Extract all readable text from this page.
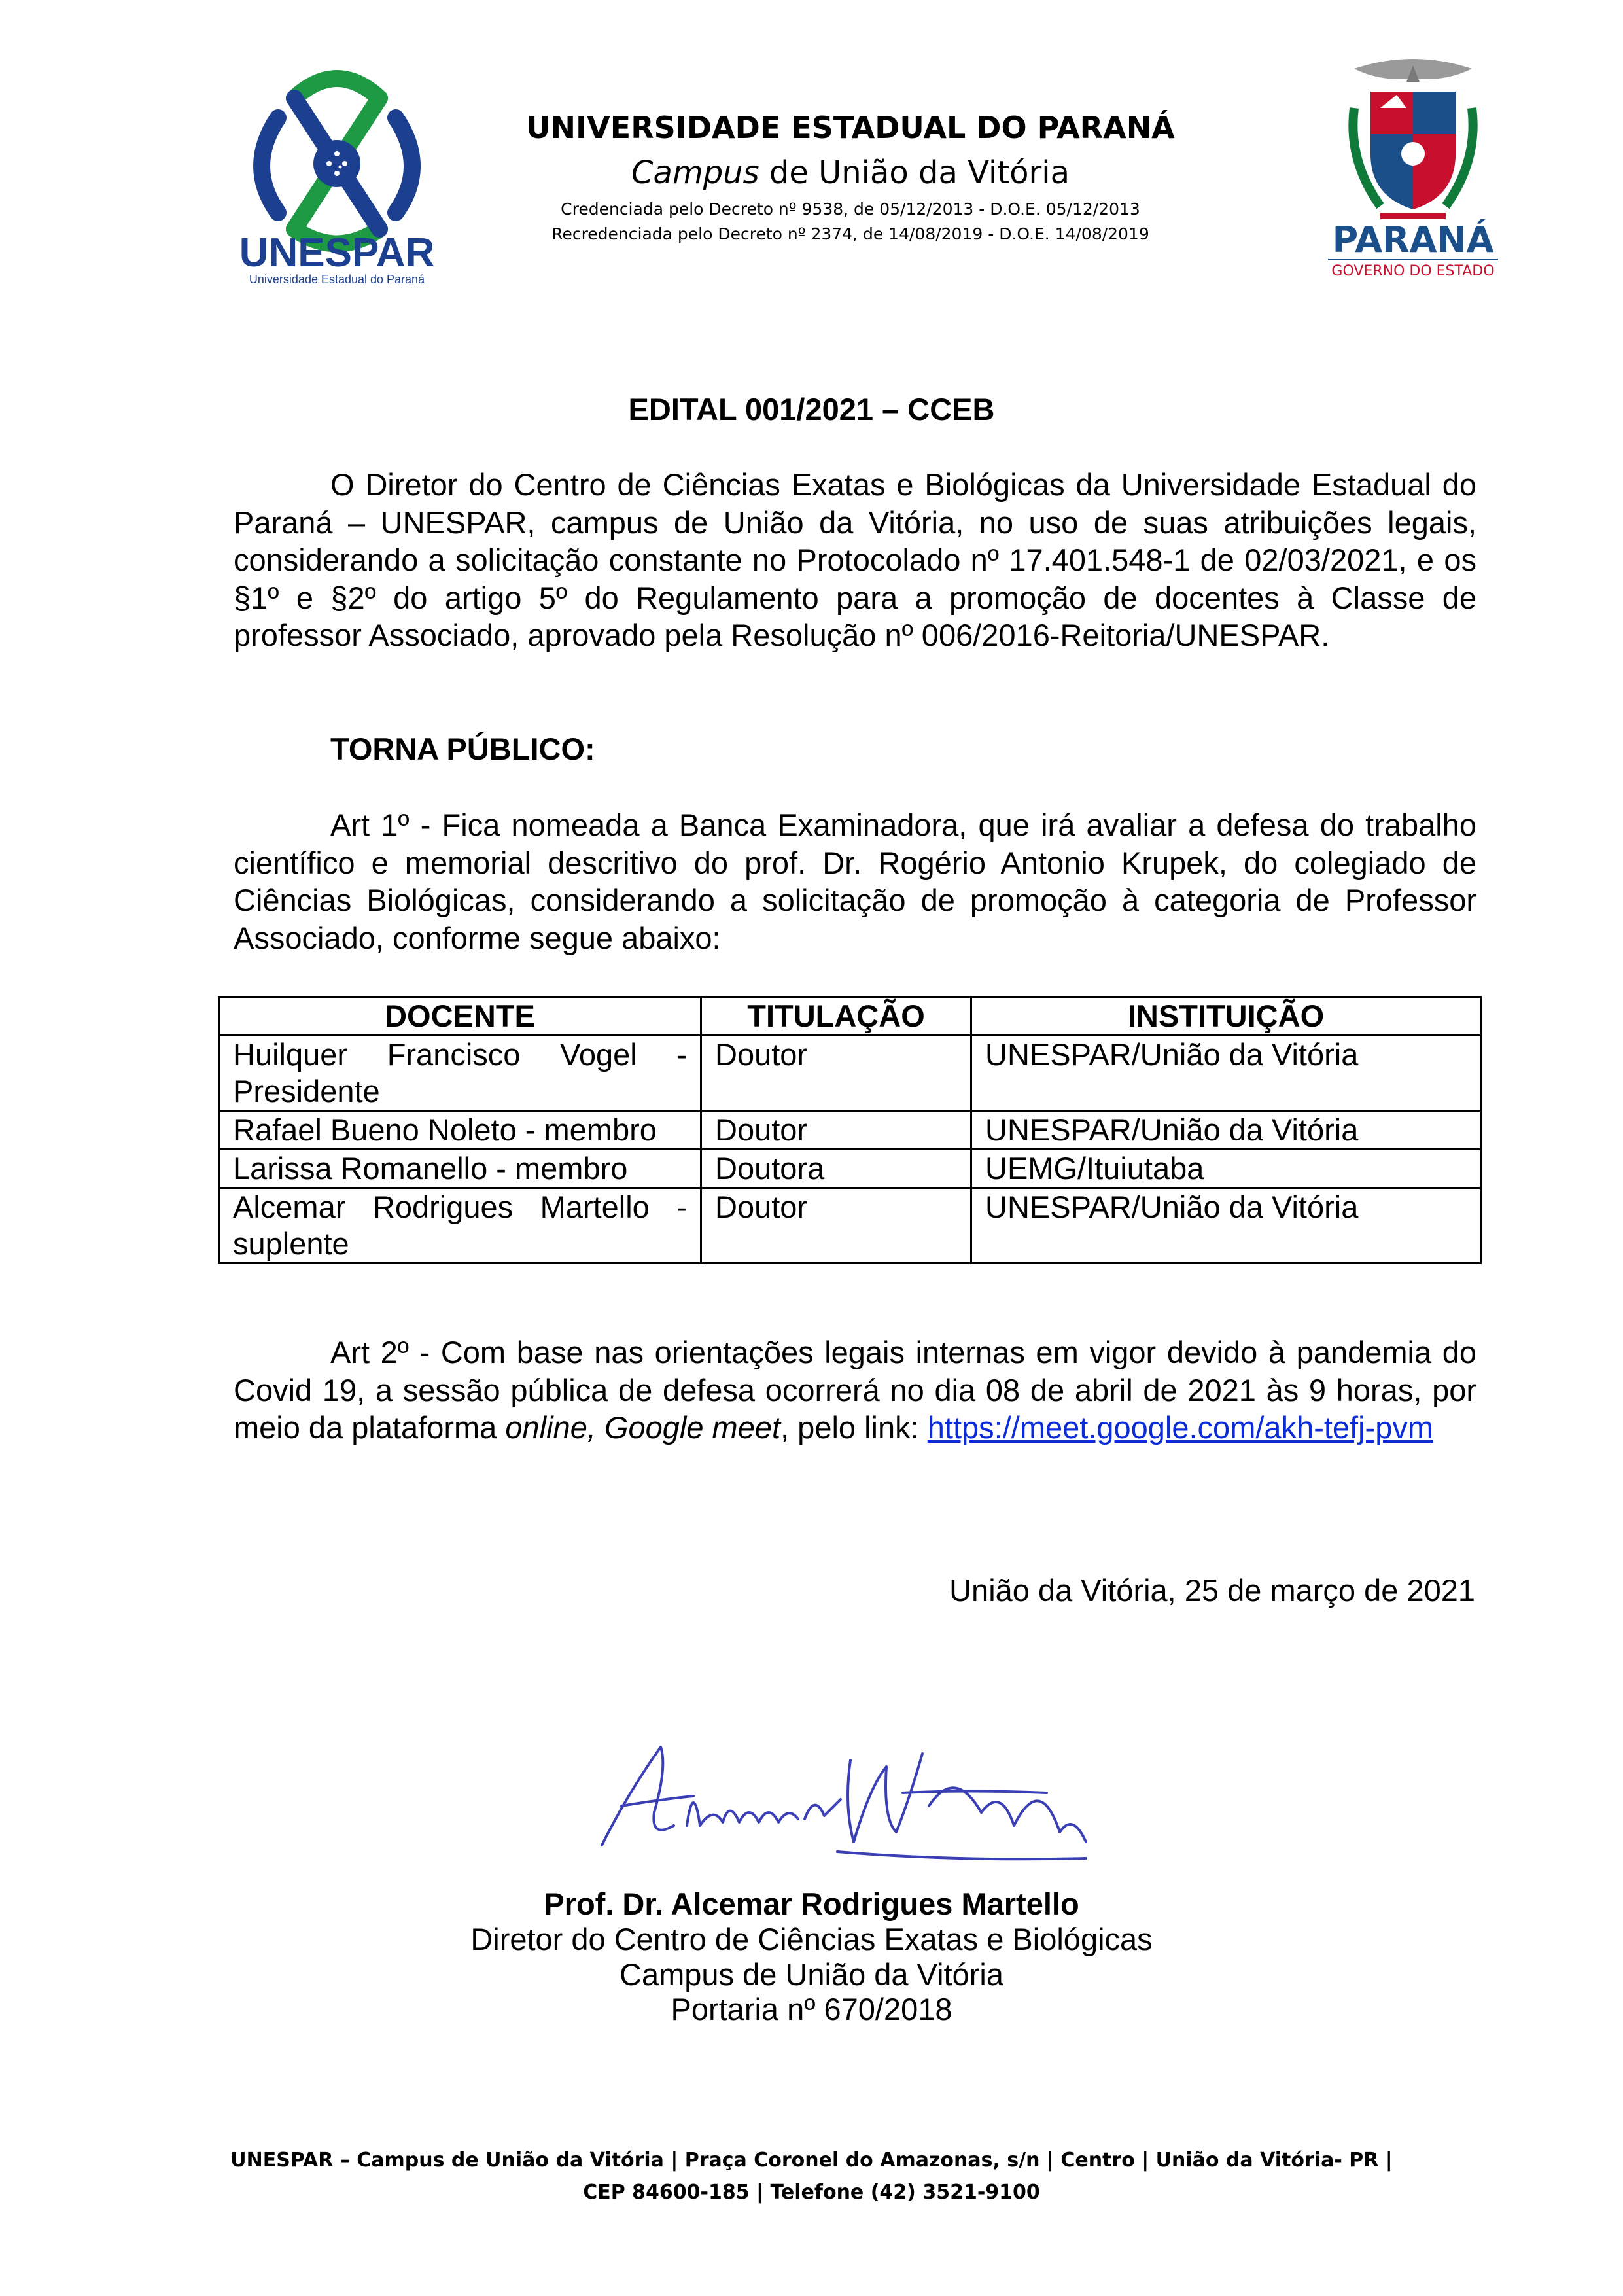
UNESPAR
Universidade Estadual do Paraná
PARANÁ
GOVERNO DO ESTADO
UNIVERSIDADE ESTADUAL DO PARANÁ
Campus de União da Vitória
Credenciada pelo Decreto nº 9538, de 05/12/2013 - D.O.E. 05/12/2013
Recredenciada pelo Decreto nº 2374, de 14/08/2019 - D.O.E. 14/08/2019
EDITAL 001/2021 – CCEB
O Diretor do Centro de Ciências Exatas e Biológicas da Universidade Estadual do Paraná – UNESPAR, campus de União da Vitória, no uso de suas atribuições legais, considerando a solicitação constante no Protocolado nº 17.401.548-1 de 02/03/2021, e os §1º e §2º do artigo 5º do Regulamento para a promoção de docentes à Classe de professor Associado, aprovado pela Resolução nº 006/2016-Reitoria/UNESPAR.
TORNA PÚBLICO:
Art 1º - Fica nomeada a Banca Examinadora, que irá avaliar a defesa do trabalho científico e memorial descritivo do prof. Dr. Rogério Antonio Krupek, do colegiado de Ciências Biológicas, considerando a solicitação de promoção à categoria de Professor Associado, conforme segue abaixo:
DOCENTE	TITULAÇÃO	INSTITUIÇÃO
Huilquer Francisco Vogel - Presidente	Doutor	UNESPAR/União da Vitória
Rafael Bueno Noleto - membro	Doutor	UNESPAR/União da Vitória
Larissa Romanello - membro	Doutora	UEMG/Ituiutaba
Alcemar Rodrigues Martello - suplente	Doutor	UNESPAR/União da Vitória
Art 2º - Com base nas orientações legais internas em vigor devido à pandemia do Covid 19, a sessão pública de defesa ocorrerá no dia 08 de abril de 2021 às 9 horas, por meio da plataforma online, Google meet, pelo link: https://meet.google.com/akh-tefj-pvm
União da Vitória, 25 de março de 2021
Prof. Dr. Alcemar Rodrigues Martello
Diretor do Centro de Ciências Exatas e Biológicas
Campus de União da Vitória
Portaria nº 670/2018
UNESPAR – Campus de União da Vitória | Praça Coronel do Amazonas, s/n | Centro | União da Vitória- PR |
CEP 84600-185 | Telefone (42) 3521-9100
